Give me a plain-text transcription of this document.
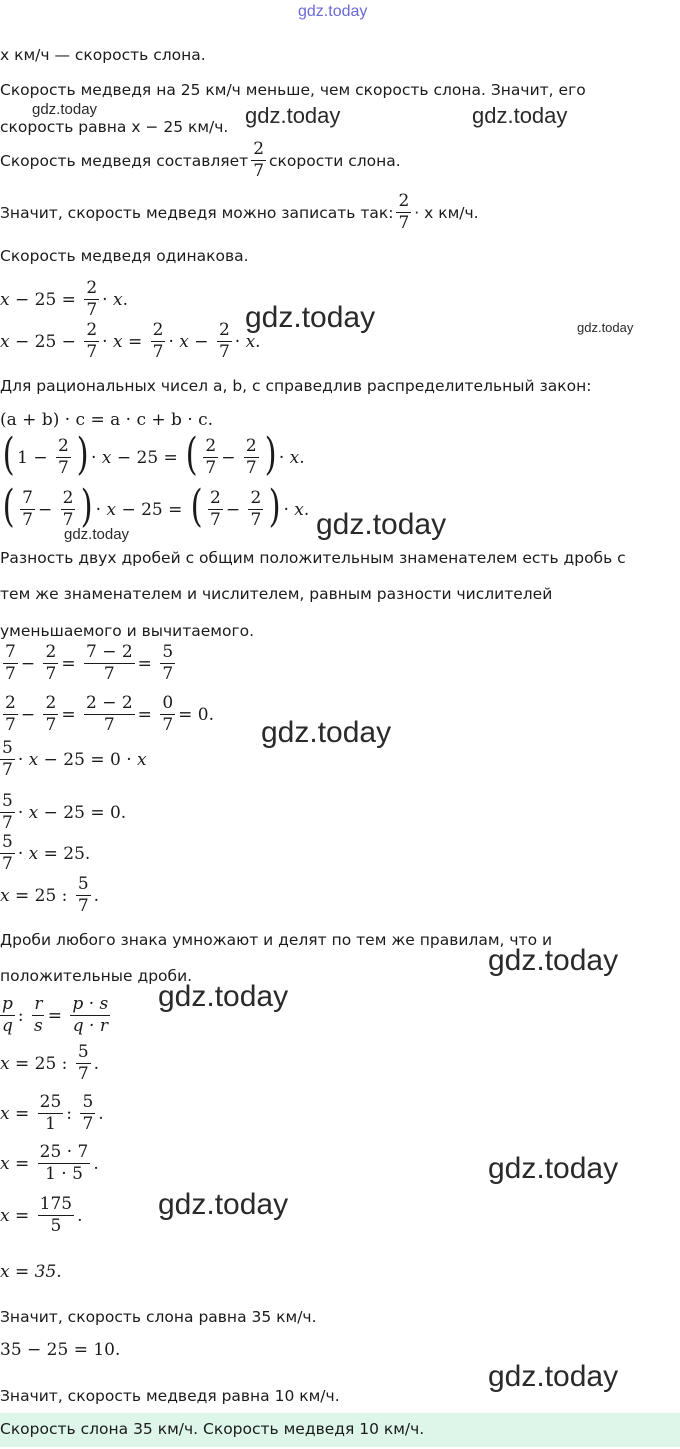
gdz.today
gdz.today	gdz.today	gdz.today
gdz.today	gdz.today
gdz.today	gdz.today
gdz.today
gdz.today
gdz.today
gdz.today
gdz.today
gdz.today
x км/ч — скорость слона.
Скорость медведя на 25 км/ч меньше, чем скорость слона. Значит, его
скорость равна x − 25 км/ч.
Скорость медведя составляет $\frac{2}{7}$ скорости слона.
Значит, скорость медведя можно записать так: $\frac{2}{7} \cdot x$ км/ч.
Скорость медведя одинакова.
$x - 25 = \frac{2}{7} \cdot x$ .
$x - 25 - \frac{2}{7} \cdot x = \frac{2}{7} \cdot x - \frac{2}{7} \cdot x$ .
Для рациональных чисел a, b, c справедлив распределительный закон:
(a + b) · c = a · c + b · c.
( $1 - \frac{2}{7}$ ) · x − 25 = ( $\frac{2}{7} - \frac{2}{7}$ ) · x .
( $\frac{7}{7} - \frac{2}{7}$ ) · x − 25 = ( $\frac{2}{7} - \frac{2}{7}$ ) · x .
Разность двух дробей с общим положительным знаменателем есть дробь с
тем же знаменателем и числителем, равным разности числителей
уменьшаемого и вычитаемого.
$\frac{7}{7} - \frac{2}{7} = \frac{7 - 2}{7} = \frac{5}{7}$
$\frac{2}{7} - \frac{2}{7} = \frac{2 - 2}{7} = \frac{0}{7} = 0$.
$\frac{5}{7} \cdot x - 25 = 0 \cdot x$
$\frac{5}{7} \cdot x - 25 = 0$.
$\frac{5}{7} \cdot x = 25$.
x = 25 : $\frac{5}{7}$ .
Дроби любого знака умножают и делят по тем же правилам, что и
положительные дроби.
$\frac{p}{q}$ : $\frac{r}{s} = \frac{p \cdot s}{q \cdot r}$
x = 25 : $\frac{5}{7}$ .
$x = \frac{25}{1}$ : $\frac{5}{7}$ .
$x = \frac{25 \cdot 7}{1 \cdot 5}$ .
$x = \frac{175}{5}$ .
x = 35.
Значит, скорость слона равна 35 км/ч.
35 − 25 = 10.
Значит, скорость медведя равна 10 км/ч.
Скорость слона 35 км/ч. Скорость медведя 10 км/ч.
